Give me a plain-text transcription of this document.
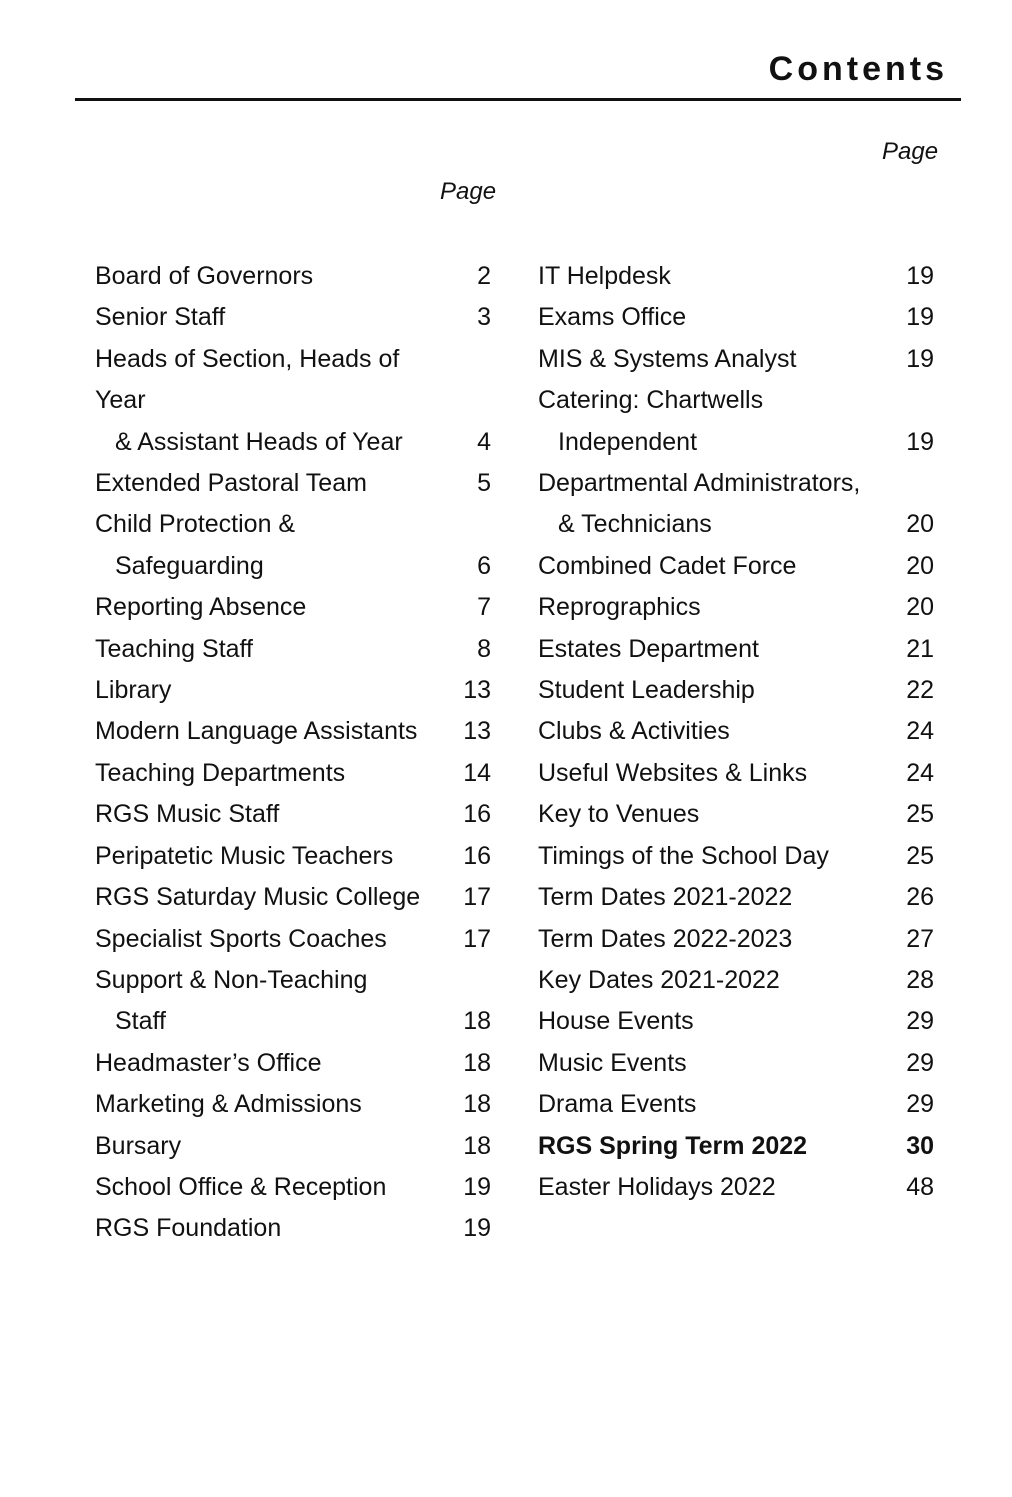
Contents
Page
Page
Board of Governors	2
Senior Staff	3
Heads of Section, Heads of Year
& Assistant Heads of Year	4
Extended Pastoral Team	5
Child Protection &
Safeguarding	6
Reporting Absence	7
Teaching Staff	8
Library	13
Modern Language Assistants	13
Teaching Departments	14
RGS Music Staff	16
Peripatetic Music Teachers	16
RGS Saturday Music College	17
Specialist Sports Coaches	17
Support & Non-Teaching
Staff	18
Headmaster’s Office	18
Marketing & Admissions	18
Bursary	18
School Office & Reception	19
RGS Foundation	19
IT Helpdesk	19
Exams Office	19
MIS & Systems Analyst	19
Catering: Chartwells
Independent	19
Departmental Administrators,
& Technicians	20
Combined Cadet Force	20
Reprographics	20
Estates Department	21
Student Leadership	22
Clubs & Activities	24
Useful Websites & Links	24
Key to Venues	25
Timings of the School Day	25
Term Dates 2021-2022	26
Term Dates 2022-2023	27
Key Dates 2021-2022	28
House Events	29
Music Events	29
Drama Events	29
RGS Spring Term 2022	30
Easter Holidays 2022	48
